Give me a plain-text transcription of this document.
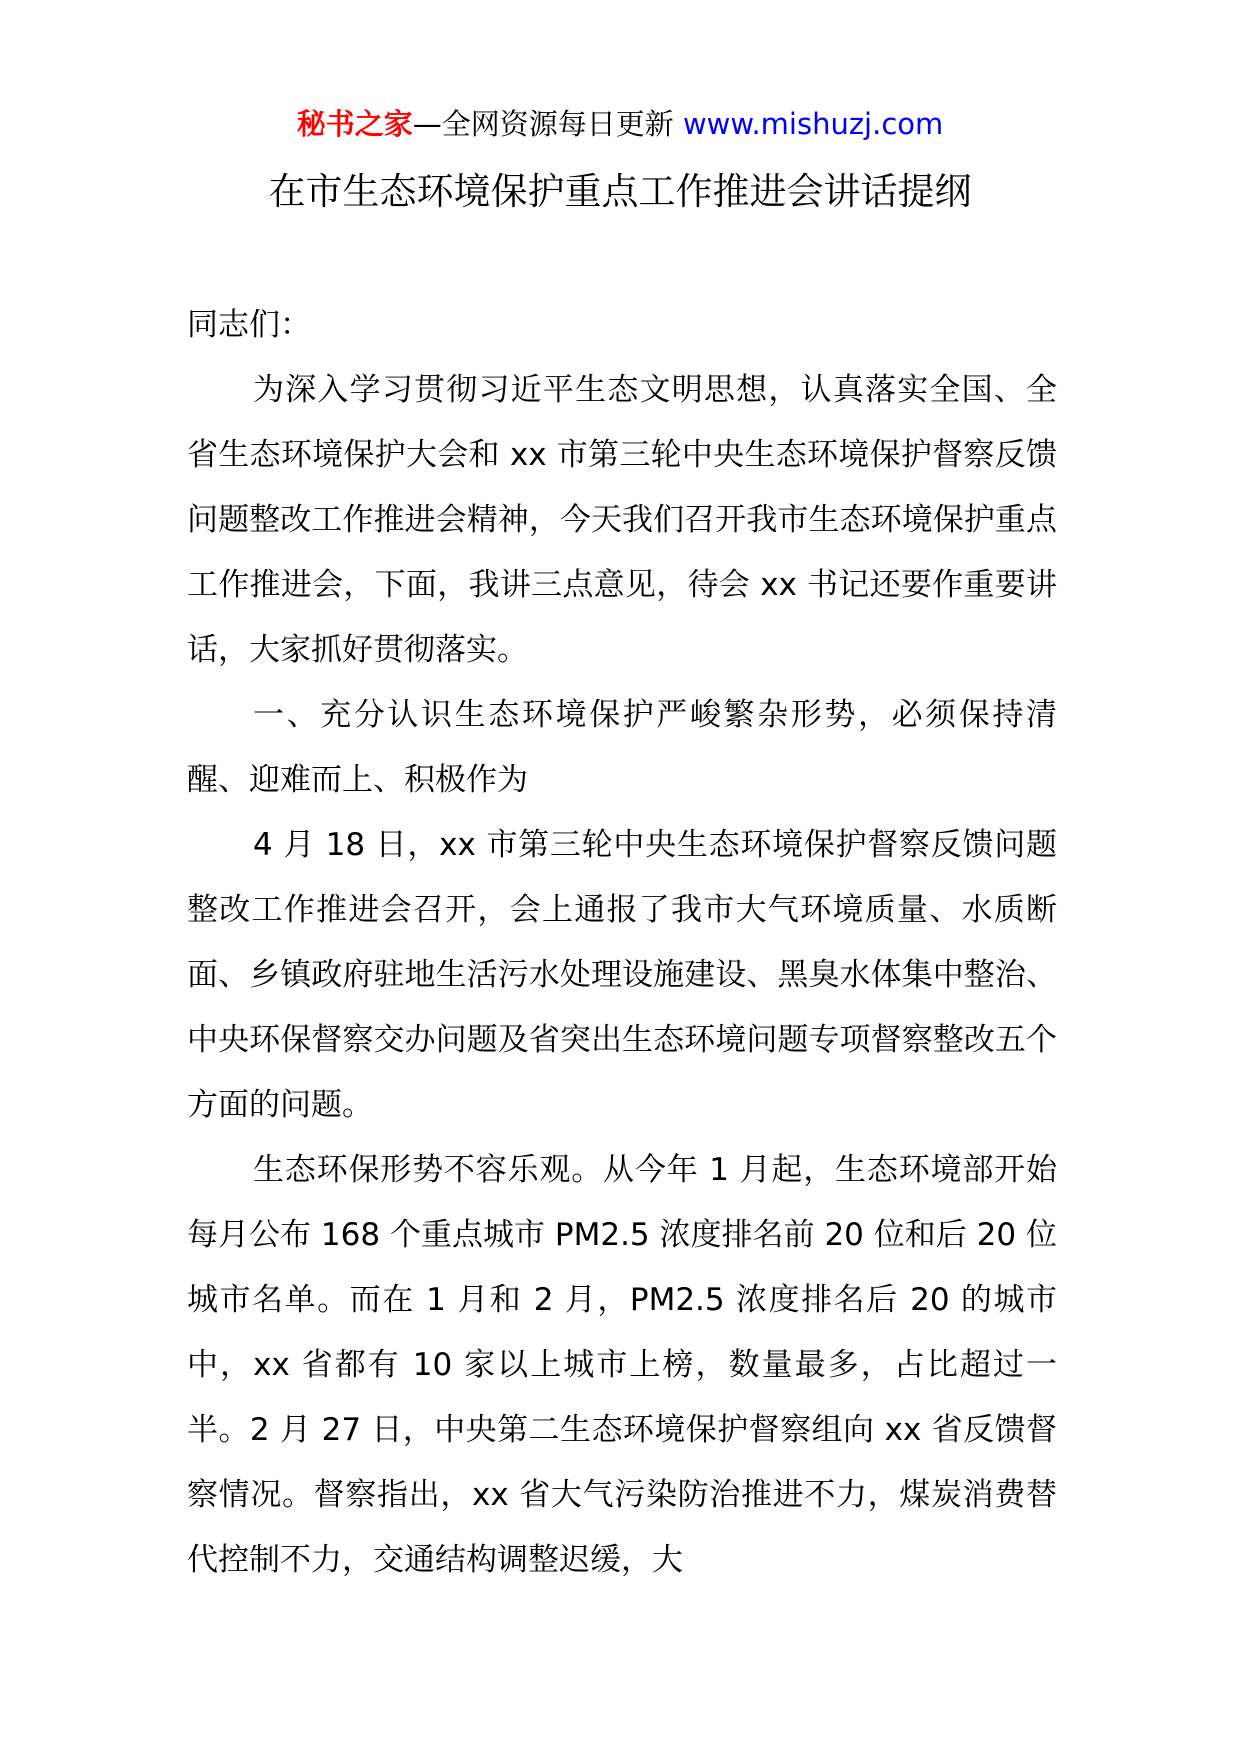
秘书之家—全网资源每日更新 www.mishuzj.com
在市生态环境保护重点工作推进会讲话提纲

同志们：

为深入学习贯彻习近平生态文明思想，认真落实全国、全省生态环境保护大会和 xx 市第三轮中央生态环境保护督察反馈问题整改工作推进会精神，今天我们召开我市生态环境保护重点工作推进会，下面，我讲三点意见，待会 xx 书记还要作重要讲话，大家抓好贯彻落实。

一、充分认识生态环境保护严峻繁杂形势，必须保持清醒、迎难而上、积极作为

4 月 18 日，xx 市第三轮中央生态环境保护督察反馈问题整改工作推进会召开，会上通报了我市大气环境质量、水质断面、乡镇政府驻地生活污水处理设施建设、黑臭水体集中整治、中央环保督察交办问题及省突出生态环境问题专项督察整改五个方面的问题。

生态环保形势不容乐观。从今年 1 月起，生态环境部开始每月公布 168 个重点城市 PM2.5 浓度排名前 20 位和后 20 位城市名单。而在 1 月和 2 月，PM2.5 浓度排名后 20 的城市中，xx 省都有 10 家以上城市上榜，数量最多，占比超过一半。2 月 27 日，中央第二生态环境保护督察组向 xx 省反馈督察情况。督察指出，xx 省大气污染防治推进不力，煤炭消费替代控制不力，交通结构调整迟缓，大
